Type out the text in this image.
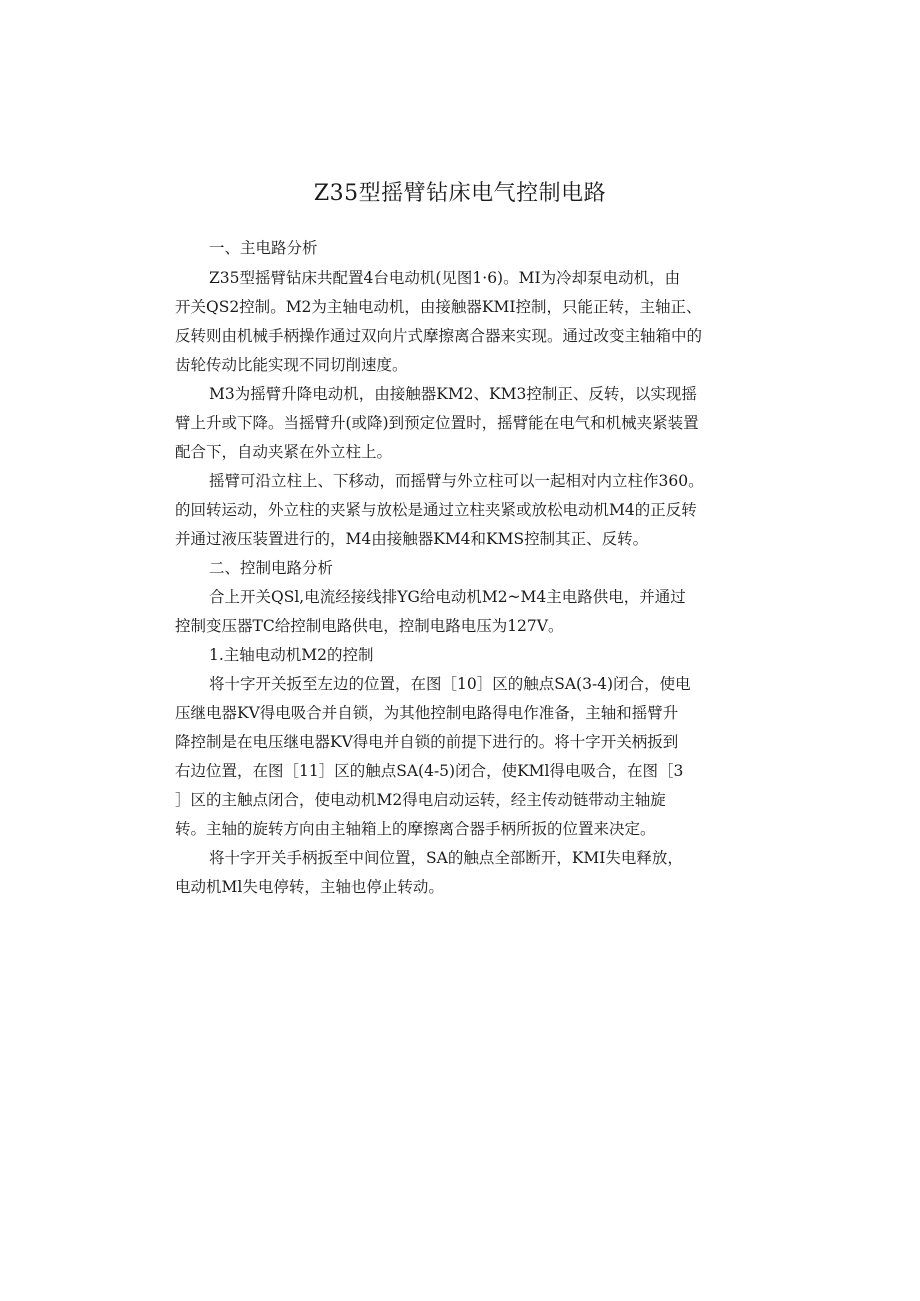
Z35型摇臂钻床电气控制电路
一、主电路分析
Z35型摇臂钻床共配置4台电动机(见图1·6)。MI为冷却泵电动机，由
开关QS2控制。M2为主轴电动机，由接触器KMI控制，只能正转，主轴正、
反转则由机械手柄操作通过双向片式摩擦离合器来实现。通过改变主轴箱中的
齿轮传动比能实现不同切削速度。
M3为摇臂升降电动机，由接触器KM2、KM3控制正、反转，以实现摇
臂上升或下降。当摇臂升(或降)到预定位置时，摇臂能在电气和机械夹紧装置
配合下，自动夹紧在外立柱上。
摇臂可沿立柱上、下移动，而摇臂与外立柱可以一起相对内立柱作360。
的回转运动，外立柱的夹紧与放松是通过立柱夹紧或放松电动机M4的正反转
并通过液压装置进行的，M4由接触器KM4和KMS控制其正、反转。
二、控制电路分析
合上开关QSl,电流经接线排YG给电动机M2~M4主电路供电，并通过
控制变压器TC给控制电路供电，控制电路电压为127V。
1.主轴电动机M2的控制
将十字开关扳至左边的位置，在图［10］区的触点SA(3-4)闭合，使电
压继电器KV得电吸合并自锁，为其他控制电路得电作准备，主轴和摇臂升
降控制是在电压继电器KV得电并自锁的前提下进行的。将十字开关柄扳到
右边位置，在图［11］区的触点SA(4-5)闭合，使KMl得电吸合，在图［3
］区的主触点闭合，使电动机M2得电启动运转，经主传动链带动主轴旋
转。主轴的旋转方向由主轴箱上的摩擦离合器手柄所扳的位置来决定。
将十字开关手柄扳至中间位置，SA的触点全部断开，KMI失电释放，
电动机Ml失电停转，主轴也停止转动。
